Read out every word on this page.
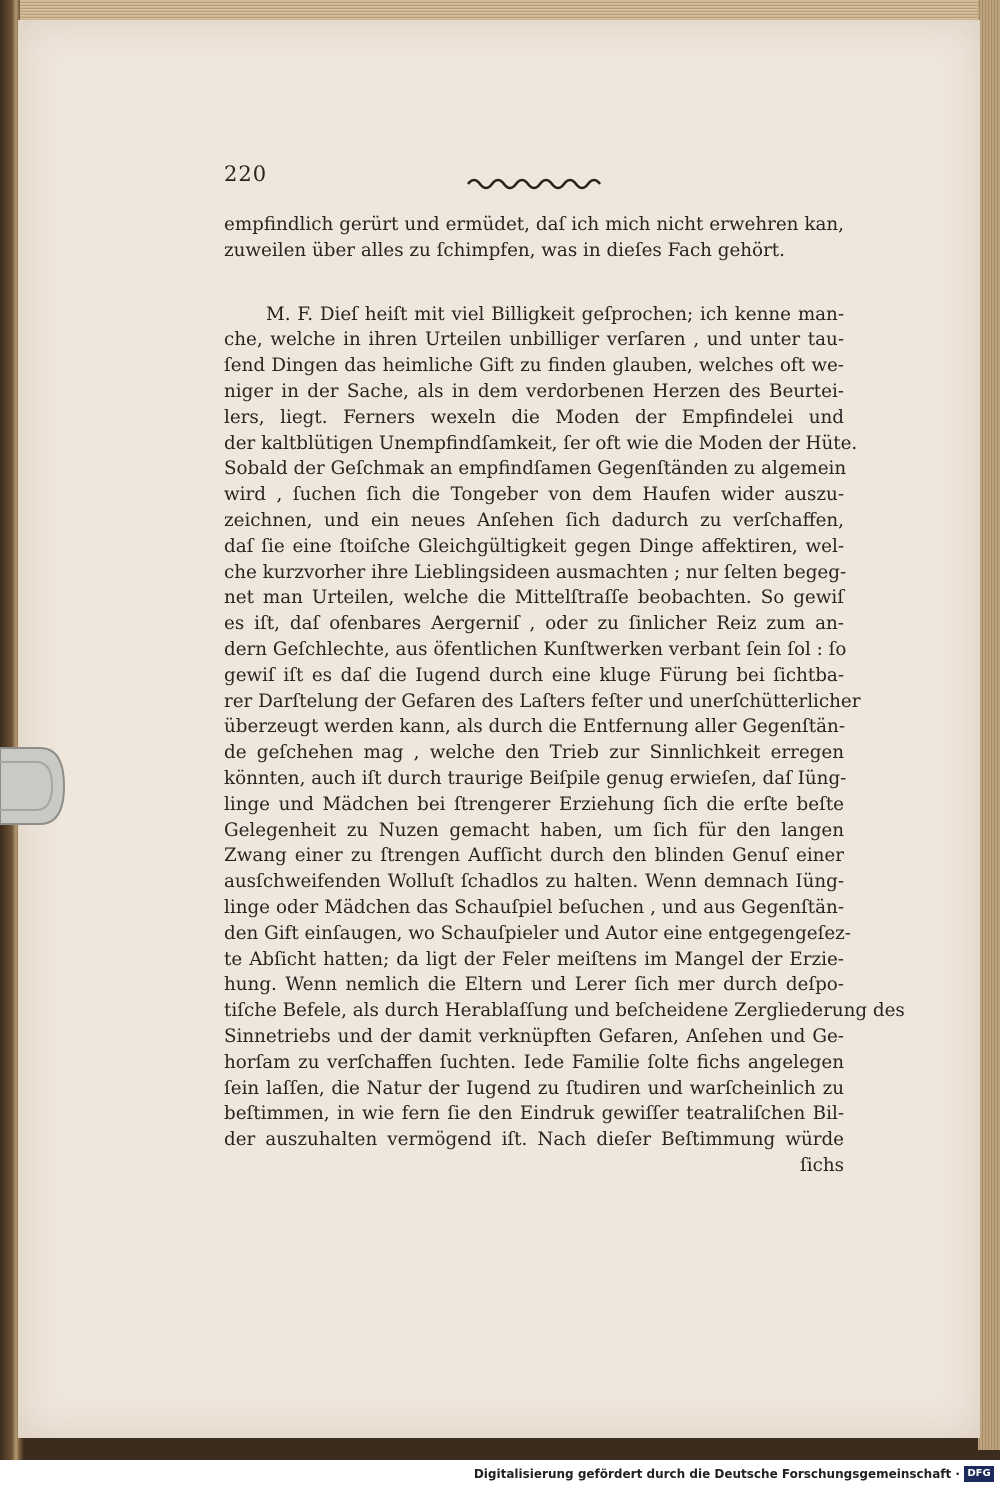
220
empfindlich gerürt und ermüdet, daſ ich mich nicht erwehren kan,
zuweilen über alles zu ſchimpfen, was in dieſes Fach gehört.
M. F. Dieſ heiſt mit viel Billigkeit geſprochen; ich kenne man-
che, welche in ihren Urteilen unbilliger verſaren , und unter tau-
ſend Dingen das heimliche Gift zu finden glauben, welches oft we-
niger in der Sache, als in dem verdorbenen Herzen des Beurtei-
lers, liegt. Ferners wexeln die Moden der Empfindelei und
der kaltblütigen Unempfindſamkeit, ſer oft wie die Moden der Hüte.
Sobald der Geſchmak an empfindſamen Gegenſtänden zu algemein
wird , ſuchen ſich die Tongeber von dem Haufen wider auszu-
zeichnen, und ein neues Anſehen ſich dadurch zu verſchaffen,
daſ ſie eine ſtoiſche Gleichgültigkeit gegen Dinge affektiren, wel-
che kurzvorher ihre Lieblingsideen ausmachten ; nur ſelten begeg-
net man Urteilen, welche die Mittelſtraſſe beobachten. So gewiſ
es iſt, daſ ofenbares Aergerniſ , oder zu ſinlicher Reiz zum an-
dern Geſchlechte, aus öfentlichen Kunſtwerken verbant ſein ſol : ſo
gewiſ iſt es daſ die Iugend durch eine kluge Fürung bei ſichtba-
rer Darſtelung der Gefaren des Laſters feſter und unerſchütterlicher
überzeugt werden kann, als durch die Entfernung aller Gegenſtän-
de geſchehen mag , welche den Trieb zur Sinnlichkeit erregen
könnten, auch iſt durch traurige Beiſpile genug erwieſen, daſ Iüng-
linge und Mädchen bei ſtrengerer Erziehung ſich die erſte beſte
Gelegenheit zu Nuzen gemacht haben, um ſich für den langen
Zwang einer zu ſtrengen Aufſicht durch den blinden Genuſ einer
ausſchweifenden Wolluſt ſchadlos zu halten. Wenn demnach Iüng-
linge oder Mädchen das Schauſpiel beſuchen , und aus Gegenſtän-
den Gift einſaugen, wo Schauſpieler und Autor eine entgegengeſez-
te Abſicht hatten; da ligt der Feler meiſtens im Mangel der Erzie-
hung. Wenn nemlich die Eltern und Lerer ſich mer durch deſpo-
tiſche Befele, als durch Herablaſſung und beſcheidene Zergliederung des
Sinnetriebs und der damit verknüpften Gefaren, Anſehen und Ge-
horſam zu verſchaffen ſuchten. Iede Familie ſolte fichs angelegen
ſein laſſen, die Natur der Iugend zu ſtudiren und warſcheinlich zu
beſtimmen, in wie fern ſie den Eindruk gewiſſer teatraliſchen Bil-
der auszuhalten vermögend iſt. Nach dieſer Beſtimmung würde
ſichs
Digitalisierung gefördert durch die Deutsche Forschungsgemeinschaft · DFG
